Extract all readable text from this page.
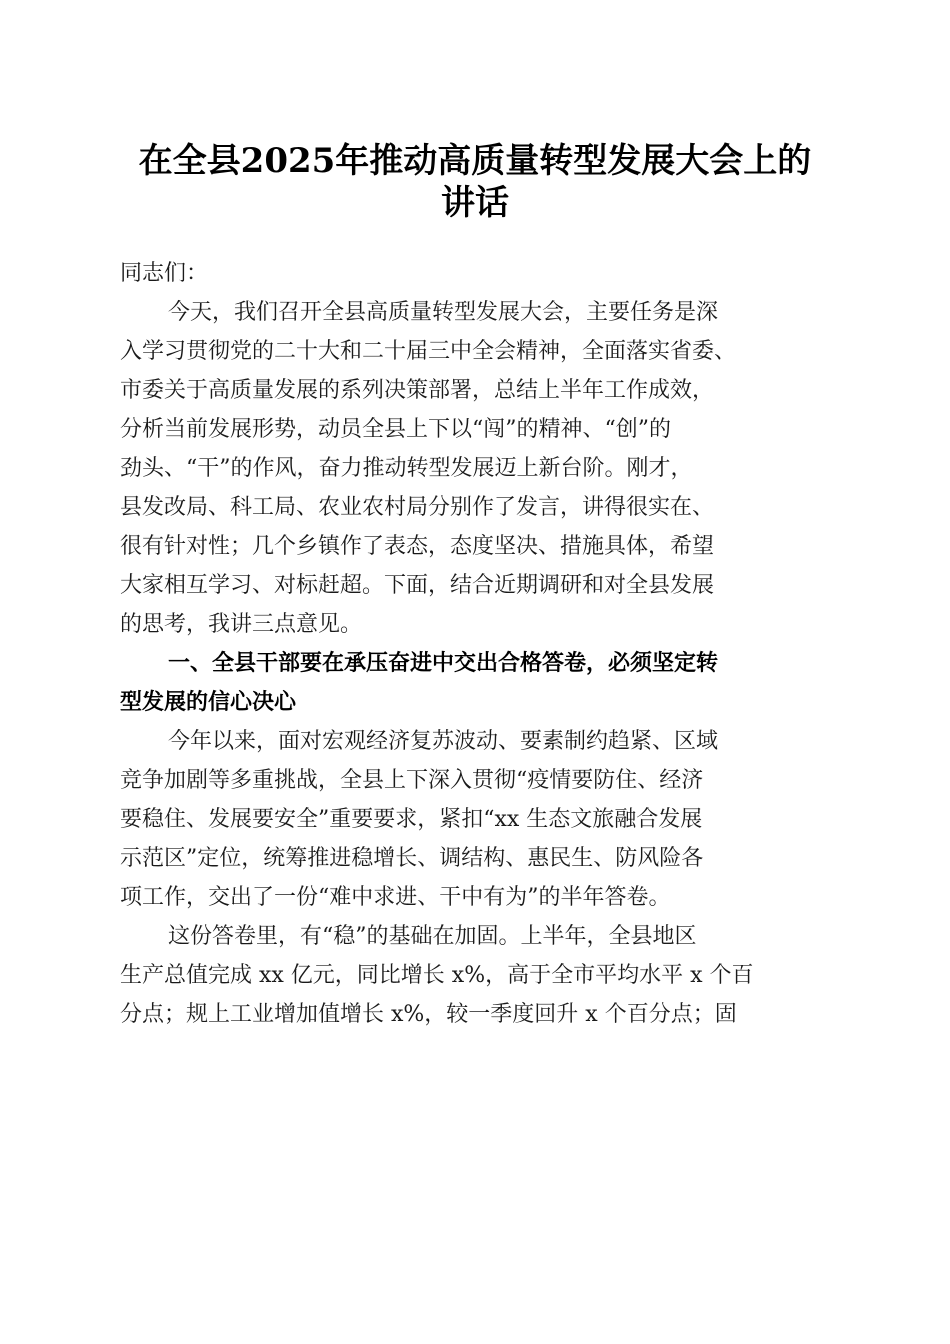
在全县2025年推动高质量转型发展大会上的
讲话
同志们：
今天，我们召开全县高质量转型发展大会，主要任务是深
入学习贯彻党的二十大和二十届三中全会精神，全面落实省委、
市委关于高质量发展的系列决策部署，总结上半年工作成效，
分析当前发展形势，动员全县上下以“闯”的精神、“创”的
劲头、“干”的作风，奋力推动转型发展迈上新台阶。刚才，
县发改局、科工局、农业农村局分别作了发言，讲得很实在、
很有针对性；几个乡镇作了表态，态度坚决、措施具体，希望
大家相互学习、对标赶超。下面，结合近期调研和对全县发展
的思考，我讲三点意见。
一、全县干部要在承压奋进中交出合格答卷，必须坚定转
型发展的信心决心
今年以来，面对宏观经济复苏波动、要素制约趋紧、区域
竞争加剧等多重挑战，全县上下深入贯彻“疫情要防住、经济
要稳住、发展要安全”重要要求，紧扣“xx 生态文旅融合发展
示范区”定位，统筹推进稳增长、调结构、惠民生、防风险各
项工作，交出了一份“难中求进、干中有为”的半年答卷。
这份答卷里，有“稳”的基础在加固。上半年，全县地区
生产总值完成 xx 亿元，同比增长 x%，高于全市平均水平 x 个百
分点；规上工业增加值增长 x%，较一季度回升 x 个百分点；固
